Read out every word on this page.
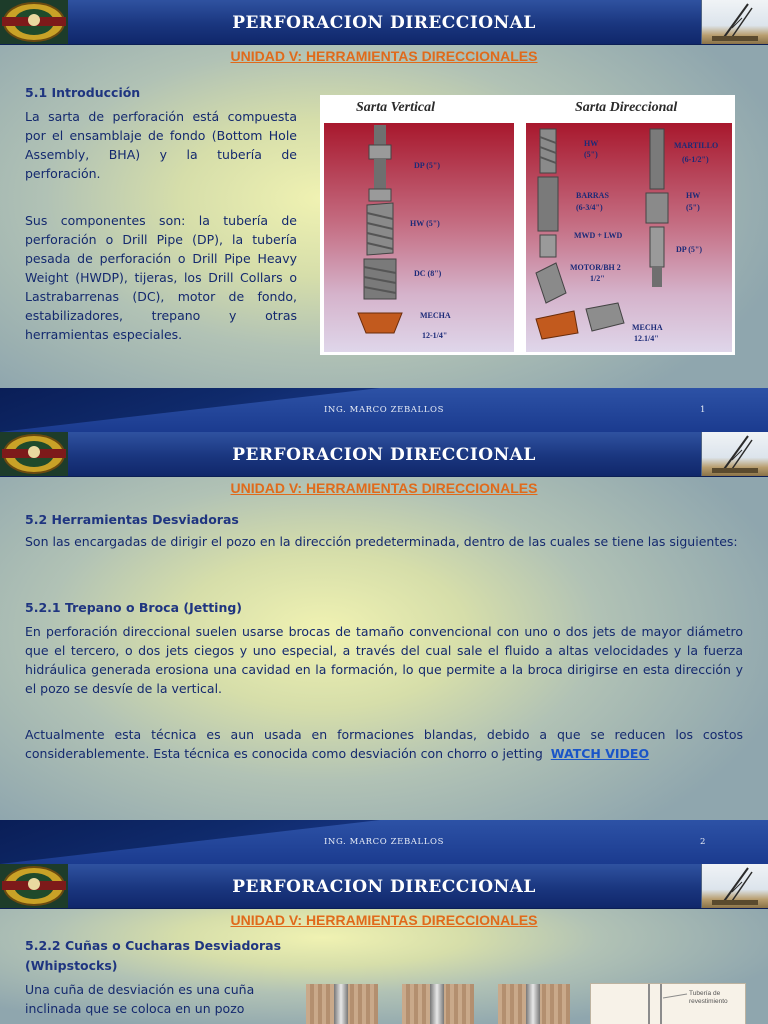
PERFORACION DIRECCIONAL
UNIDAD V: HERRAMIENTAS DIRECCIONALES
5.1 Introducción

La sarta de perforación está compuesta por el ensamblaje de fondo (Bottom Hole Assembly, BHA) y la tubería de perforación.

Sus componentes son: la tubería de perforación o Drill Pipe (DP), la tubería pesada de perforación o Drill Pipe Heavy Weight (HWDP), tijeras, los Drill Collars o Lastrabarrenas (DC), motor de fondo, estabilizadores, trepano y otras herramientas especiales.

Sarta Vertical	Sarta Direccional
DP (5")
HW (5")
DC (8")
MECHA
12-1/4"
HW
(5")
BARRAS
(6-3/4")
MWD + LWD
MOTOR/BH 2
1/2"
MARTILLO
(6-1/2")
HW
(5")
DP (5")
MECHA
12.1/4"
ING. MARCO ZEBALLOS	1
PERFORACION DIRECCIONAL
UNIDAD V: HERRAMIENTAS DIRECCIONALES
5.2 Herramientas Desviadoras

Son las encargadas de dirigir el pozo en la dirección predeterminada, dentro de las cuales se tiene las siguientes:

5.2.1 Trepano o Broca (Jetting)

En perforación direccional suelen usarse brocas de tamaño convencional con uno o dos jets de mayor diámetro que el tercero, o dos jets ciegos y uno especial, a través del cual sale el fluido a altas velocidades y la fuerza hidráulica generada erosiona una cavidad en la formación, lo que permite a la broca dirigirse en esta dirección y el pozo se desvíe de la vertical.

Actualmente esta técnica es aun usada en formaciones blandas, debido a que se reducen los costos considerablemente. Esta técnica es conocida como desviación con chorro o jetting WATCH VIDEO

ING. MARCO ZEBALLOS	2
PERFORACION DIRECCIONAL
UNIDAD V: HERRAMIENTAS DIRECCIONALES
5.2.2 Cuñas o Cucharas Desviadoras
(Whipstocks)
Una cuña de desviación es una cuña
inclinada que se coloca en un pozo
Tubería de
revestimiento
